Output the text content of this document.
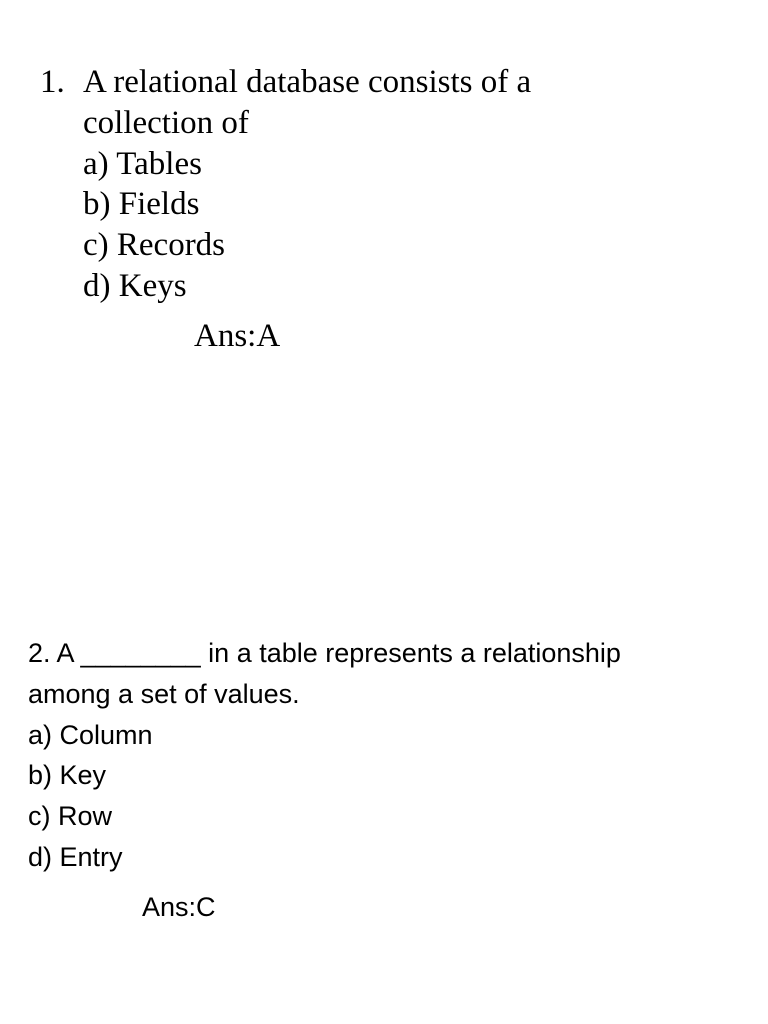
1. A relational database consists of a
collection of
a) Tables
b) Fields
c) Records
d) Keys
Ans:A
2. A ________ in a table represents a relationship
among a set of values.
a) Column
b) Key
c) Row
d) Entry
Ans:C
